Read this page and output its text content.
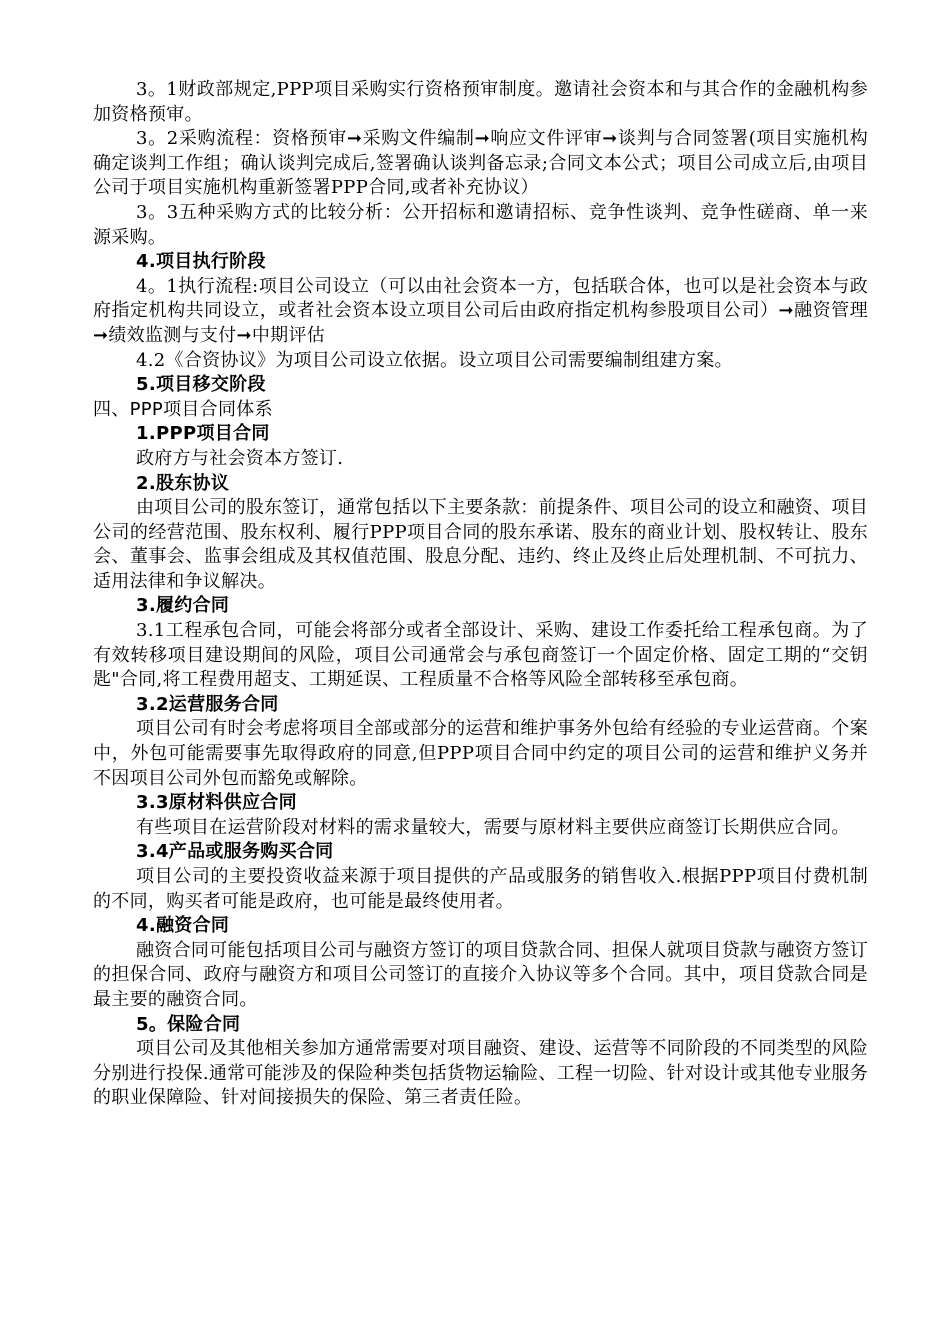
3。1财政部规定,PPP项目采购实行资格预审制度。邀请社会资本和与其合作的金融机构参加资格预审。

3。2采购流程：资格预审➞采购文件编制➞响应文件评审➞谈判与合同签署(项目实施机构确定谈判工作组；确认谈判完成后,签署确认谈判备忘录;合同文本公式；项目公司成立后,由项目公司于项目实施机构重新签署PPP合同,或者补充协议）

3。3五种采购方式的比较分析：公开招标和邀请招标、竞争性谈判、竞争性磋商、单一来源采购。

4.项目执行阶段

4。1执行流程:项目公司设立（可以由社会资本一方，包括联合体，也可以是社会资本与政府指定机构共同设立，或者社会资本设立项目公司后由政府指定机构参股项目公司）➞融资管理➞绩效监测与支付➞中期评估

4.2《合资协议》为项目公司设立依据。设立项目公司需要编制组建方案。

5.项目移交阶段

四、PPP项目合同体系

1.PPP项目合同

政府方与社会资本方签订.

2.股东协议

由项目公司的股东签订，通常包括以下主要条款：前提条件、项目公司的设立和融资、项目公司的经营范围、股东权利、履行PPP项目合同的股东承诺、股东的商业计划、股权转让、股东会、董事会、监事会组成及其权值范围、股息分配、违约、终止及终止后处理机制、不可抗力、适用法律和争议解决。

3.履约合同

3.1工程承包合同，可能会将部分或者全部设计、采购、建设工作委托给工程承包商。为了有效转移项目建设期间的风险，项目公司通常会与承包商签订一个固定价格、固定工期的“交钥匙"合同,将工程费用超支、工期延误、工程质量不合格等风险全部转移至承包商。

3.2运营服务合同

项目公司有时会考虑将项目全部或部分的运营和维护事务外包给有经验的专业运营商。个案中，外包可能需要事先取得政府的同意,但PPP项目合同中约定的项目公司的运营和维护义务并不因项目公司外包而豁免或解除。

3.3原材料供应合同

有些项目在运营阶段对材料的需求量较大，需要与原材料主要供应商签订长期供应合同。

3.4产品或服务购买合同

项目公司的主要投资收益来源于项目提供的产品或服务的销售收入.根据PPP项目付费机制的不同，购买者可能是政府，也可能是最终使用者。

4.融资合同

融资合同可能包括项目公司与融资方签订的项目贷款合同、担保人就项目贷款与融资方签订的担保合同、政府与融资方和项目公司签订的直接介入协议等多个合同。其中，项目贷款合同是最主要的融资合同。

5。保险合同

项目公司及其他相关参加方通常需要对项目融资、建设、运营等不同阶段的不同类型的风险分别进行投保.通常可能涉及的保险种类包括货物运输险、工程一切险、针对设计或其他专业服务的职业保障险、针对间接损失的保险、第三者责任险。
